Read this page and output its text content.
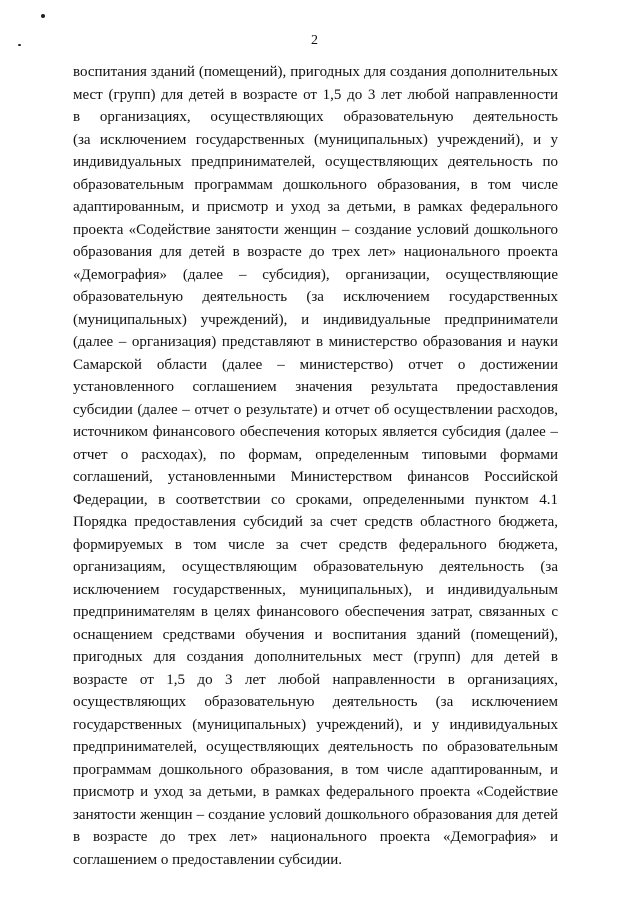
2
воспитания зданий (помещений), пригодных для создания дополнительных
мест (групп) для детей в возрасте от 1,5 до 3 лет любой направленности
в организациях, осуществляющих образовательную деятельность
(за исключением государственных (муниципальных) учреждений), и у
индивидуальных предпринимателей, осуществляющих деятельность по
образовательным программам дошкольного образования, в том числе
адаптированным, и присмотр и уход за детьми, в рамках федерального
проекта «Содействие занятости женщин – создание условий дошкольного
образования для детей в возрасте до трех лет» национального проекта
«Демография» (далее – субсидия), организации, осуществляющие
образовательную деятельность (за исключением государственных
(муниципальных) учреждений), и индивидуальные предприниматели
(далее – организация) представляют в министерство образования и науки
Самарской области (далее – министерство) отчет о достижении
установленного соглашением значения результата предоставления
субсидии (далее – отчет о результате) и отчет об осуществлении расходов,
источником финансового обеспечения которых является субсидия (далее –
отчет о расходах), по формам, определенным типовыми формами
соглашений, установленными Министерством финансов Российской
Федерации, в соответствии со сроками, определенными пунктом 4.1
Порядка предоставления субсидий за счет средств областного бюджета,
формируемых в том числе за счет средств федерального бюджета,
организациям, осуществляющим образовательную деятельность (за
исключением государственных, муниципальных), и индивидуальным
предпринимателям в целях финансового обеспечения затрат, связанных с
оснащением средствами обучения и воспитания зданий (помещений),
пригодных для создания дополнительных мест (групп) для детей в
возрасте от 1,5 до 3 лет любой направленности в организациях,
осуществляющих образовательную деятельность (за исключением
государственных (муниципальных) учреждений), и у индивидуальных
предпринимателей, осуществляющих деятельность по образовательным
программам дошкольного образования, в том числе адаптированным, и
присмотр и уход за детьми, в рамках федерального проекта «Содействие
занятости женщин – создание условий дошкольного образования для детей
в возрасте до трех лет» национального проекта «Демография» и
соглашением о предоставлении субсидии.
